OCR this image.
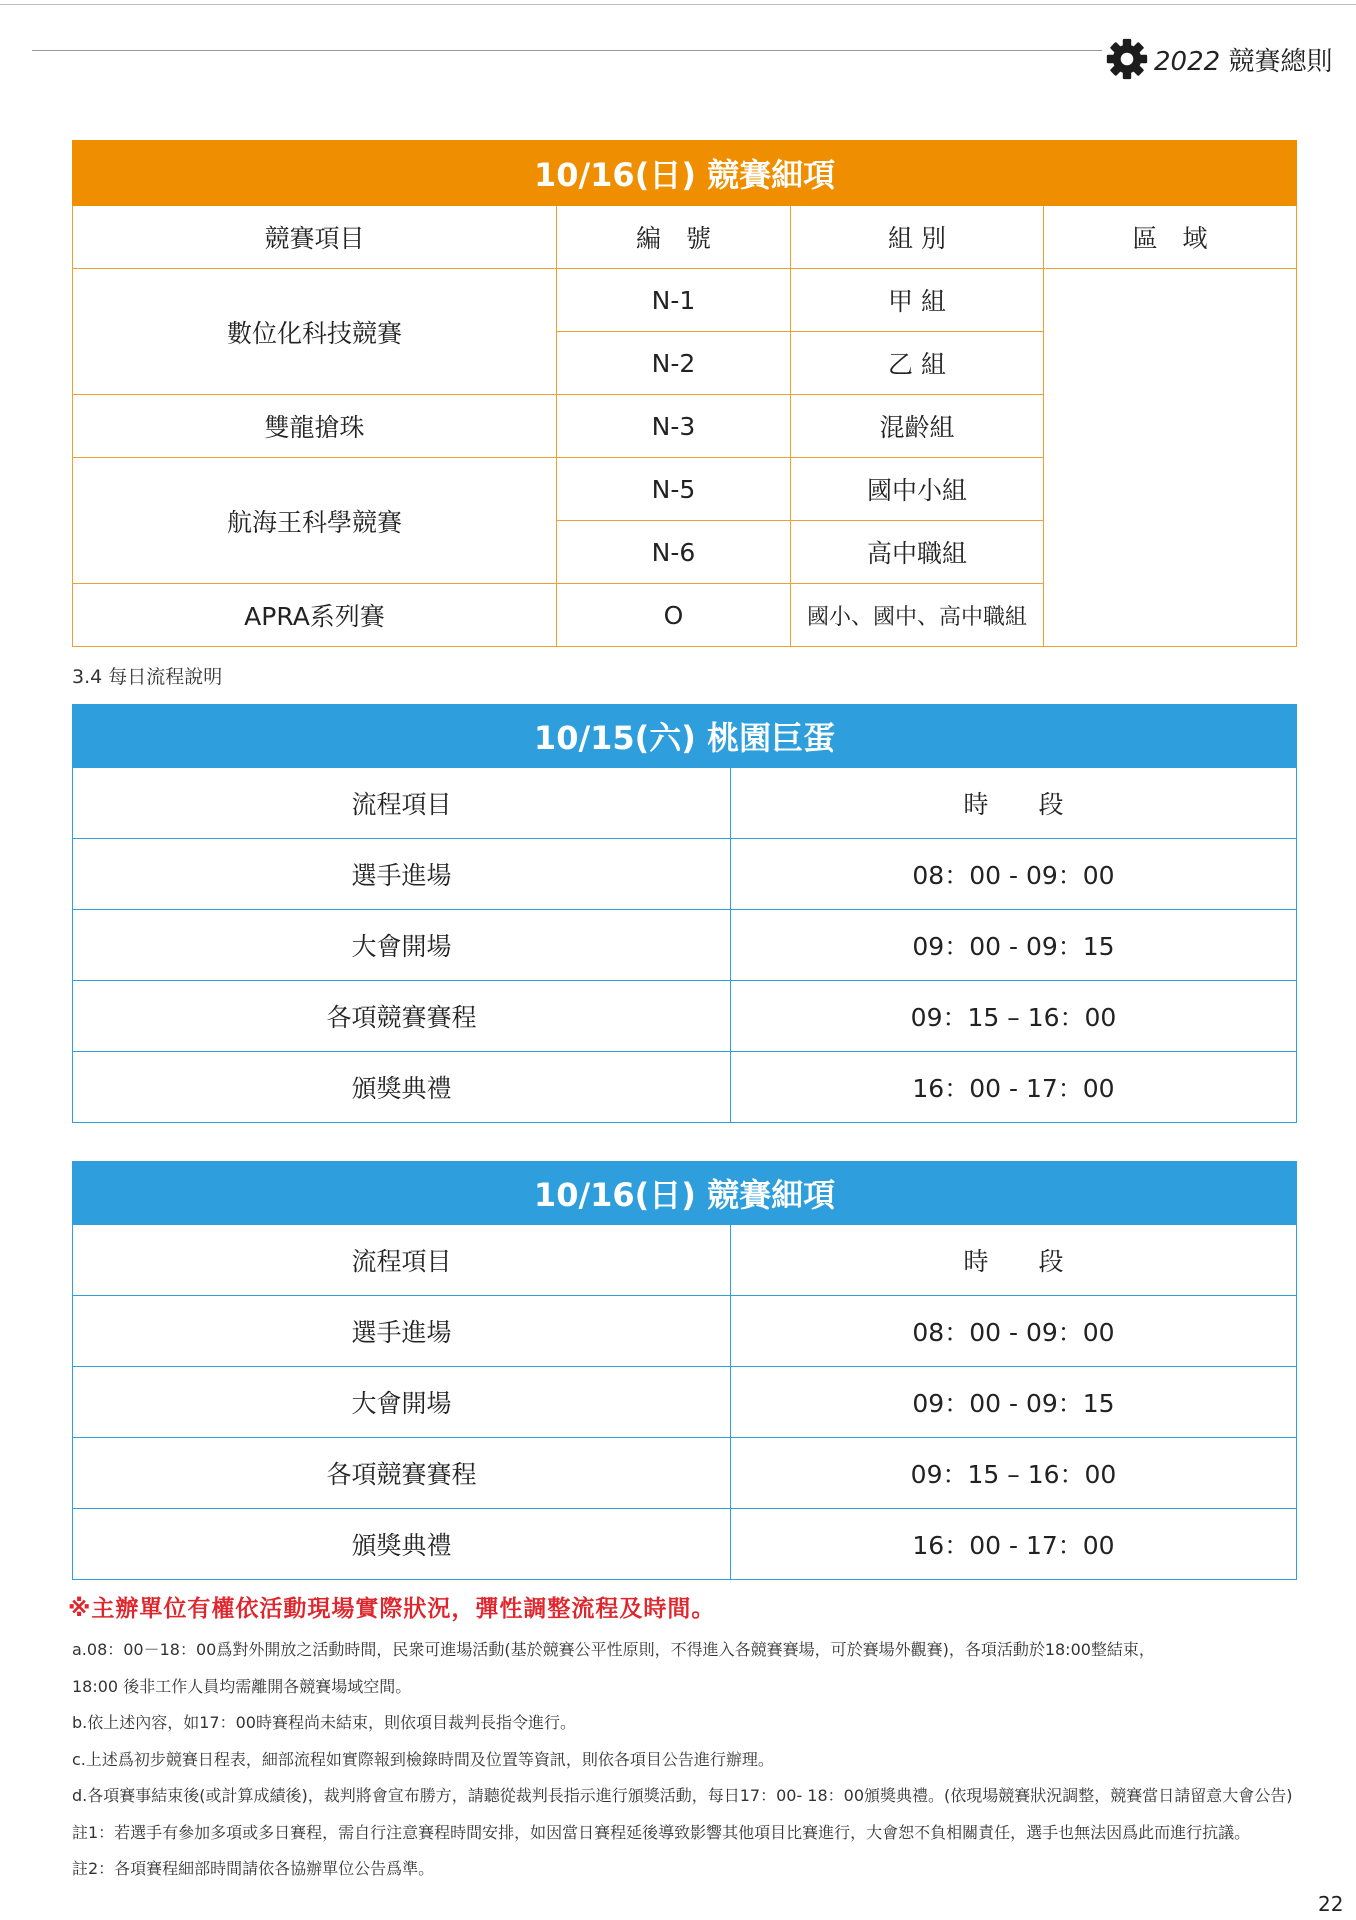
2022 競賽總則
10/16(日) 競賽細項			
競賽項目	編　號	組 別	區　域
數位化科技競賽	N-1	甲 組	
	N-2	乙 組	
雙龍搶珠	N-3	混齡組	
航海王科學競賽	N-5	國中小組	
	N-6	高中職組	
APRA系列賽	O	國小、國中、高中職組	
3.4 每日流程說明
10/15(六) 桃園巨蛋	
流程項目	時　　段
選手進場	08：00 - 09：00
大會開場	09：00 - 09：15
各項競賽賽程	09：15 – 16：00
頒獎典禮	16：00 - 17：00
10/16(日) 競賽細項	
流程項目	時　　段
選手進場	08：00 - 09：00
大會開場	09：00 - 09：15
各項競賽賽程	09：15 – 16：00
頒獎典禮	16：00 - 17：00
※主辦單位有權依活動現場實際狀況，彈性調整流程及時間。

a.08：00－18：00爲對外開放之活動時間，民衆可進場活動(基於競賽公平性原則，不得進入各競賽賽場，可於賽場外觀賽)，各項活動於18:00整結束，

18:00 後非工作人員均需離開各競賽場域空間。

b.依上述內容，如17：00時賽程尚未結束，則依項目裁判長指令進行。

c.上述爲初步競賽日程表，細部流程如實際報到檢錄時間及位置等資訊，則依各項目公告進行辦理。

d.各項賽事結束後(或計算成績後)，裁判將會宣布勝方，請聽從裁判長指示進行頒獎活動，每日17：00- 18：00頒獎典禮。(依現場競賽狀況調整，競賽當日請留意大會公告)

註1：若選手有參加多項或多日賽程，需自行注意賽程時間安排，如因當日賽程延後導致影響其他項目比賽進行，大會恕不負相關責任，選手也無法因爲此而進行抗議。

註2：各項賽程細部時間請依各協辦單位公告爲準。

22
